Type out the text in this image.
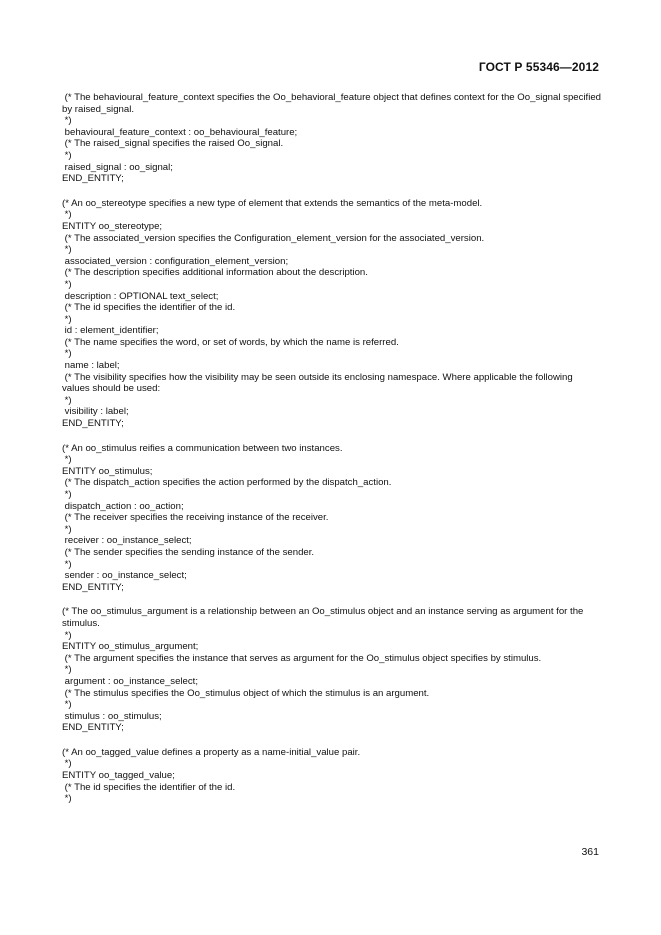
ГОСТ Р 55346—2012
(* The behavioural_feature_context specifies the Oo_behavioral_feature object that defines context for the Oo_signal specified by raised_signal.
*)
behavioural_feature_context : oo_behavioural_feature;
(* The raised_signal specifies the raised Oo_signal.
*)
raised_signal : oo_signal;
END_ENTITY;
(* An oo_stereotype specifies a new type of element that extends the semantics of the meta-model.
*)
ENTITY oo_stereotype;
(* The associated_version specifies the Configuration_element_version for the associated_version.
*)
associated_version : configuration_element_version;
(* The description specifies additional information about the description.
*)
description : OPTIONAL text_select;
(* The id specifies the identifier of the id.
*)
id : element_identifier;
(* The name specifies the word, or set of words, by which the name is referred.
*)
name : label;
(* The visibility specifies how the visibility may be seen outside its enclosing namespace. Where applicable the following values should be used:
*)
visibility : label;
END_ENTITY;
(* An oo_stimulus reifies a communication between two instances.
*)
ENTITY oo_stimulus;
(* The dispatch_action specifies the action performed by the dispatch_action.
*)
dispatch_action : oo_action;
(* The receiver specifies the receiving instance of the receiver.
*)
receiver : oo_instance_select;
(* The sender specifies the sending instance of the sender.
*)
sender : oo_instance_select;
END_ENTITY;
(* The oo_stimulus_argument is a relationship between an Oo_stimulus object and an instance serving as argument for the stimulus.
*)
ENTITY oo_stimulus_argument;
(* The argument specifies the instance that serves as argument for the Oo_stimulus object specifies by stimulus.
*)
argument : oo_instance_select;
(* The stimulus specifies the Oo_stimulus object of which the stimulus is an argument.
*)
stimulus : oo_stimulus;
END_ENTITY;
(* An oo_tagged_value defines a property as a name-initial_value pair.
*)
ENTITY oo_tagged_value;
(* The id specifies the identifier of the id.
*)
361
